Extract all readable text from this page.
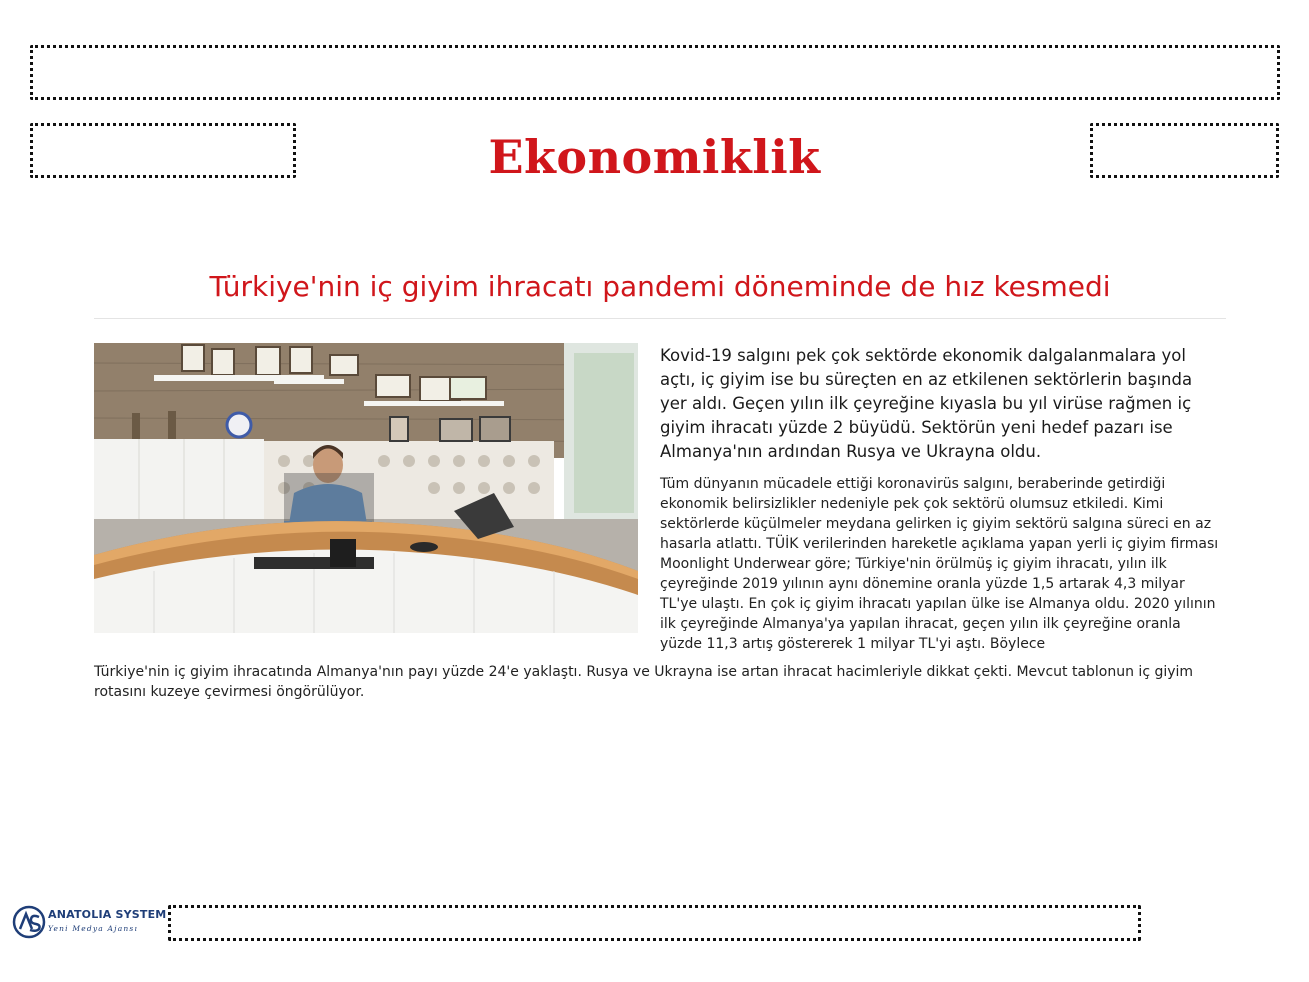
Ekonomiklik
Türkiye'nin iç giyim ihracatı pandemi döneminde de hız kesmedi
Kovid-19 salgını pek çok sektörde ekonomik dalgalanmalara yol açtı, iç giyim ise bu süreçten en az etkilenen sektörlerin başında yer aldı. Geçen yılın ilk çeyreğine kıyasla bu yıl virüse rağmen iç giyim ihracatı yüzde 2 büyüdü. Sektörün yeni hedef pazarı ise Almanya'nın ardından Rusya ve Ukrayna oldu.
Tüm dünyanın mücadele ettiği koronavirüs salgını, beraberinde getirdiği ekonomik belirsizlikler nedeniyle pek çok sektörü olumsuz etkiledi. Kimi sektörlerde küçülmeler meydana gelirken iç giyim sektörü salgına süreci en az hasarla atlattı. TÜİK verilerinden hareketle açıklama yapan yerli iç giyim firması Moonlight Underwear göre; Türkiye'nin örülmüş iç giyim ihracatı, yılın ilk çeyreğinde 2019 yılının aynı dönemine oranla yüzde 1,5 artarak 4,3 milyar TL'ye ulaştı. En çok iç giyim ihracatı yapılan ülke ise Almanya oldu. 2020 yılının ilk çeyreğinde Almanya'ya yapılan ihracat, geçen yılın ilk çeyreğine oranla yüzde 11,3 artış göstererek 1 milyar TL'yi aştı. Böylece
Türkiye'nin iç giyim ihracatında Almanya'nın payı yüzde 24'e yaklaştı. Rusya ve Ukrayna ise artan ihracat hacimleriyle dikkat çekti. Mevcut tablonun iç giyim rotasını kuzeye çevirmesi öngörülüyor.
ANATOLIA SYSTEM
Yeni Medya Ajansı
